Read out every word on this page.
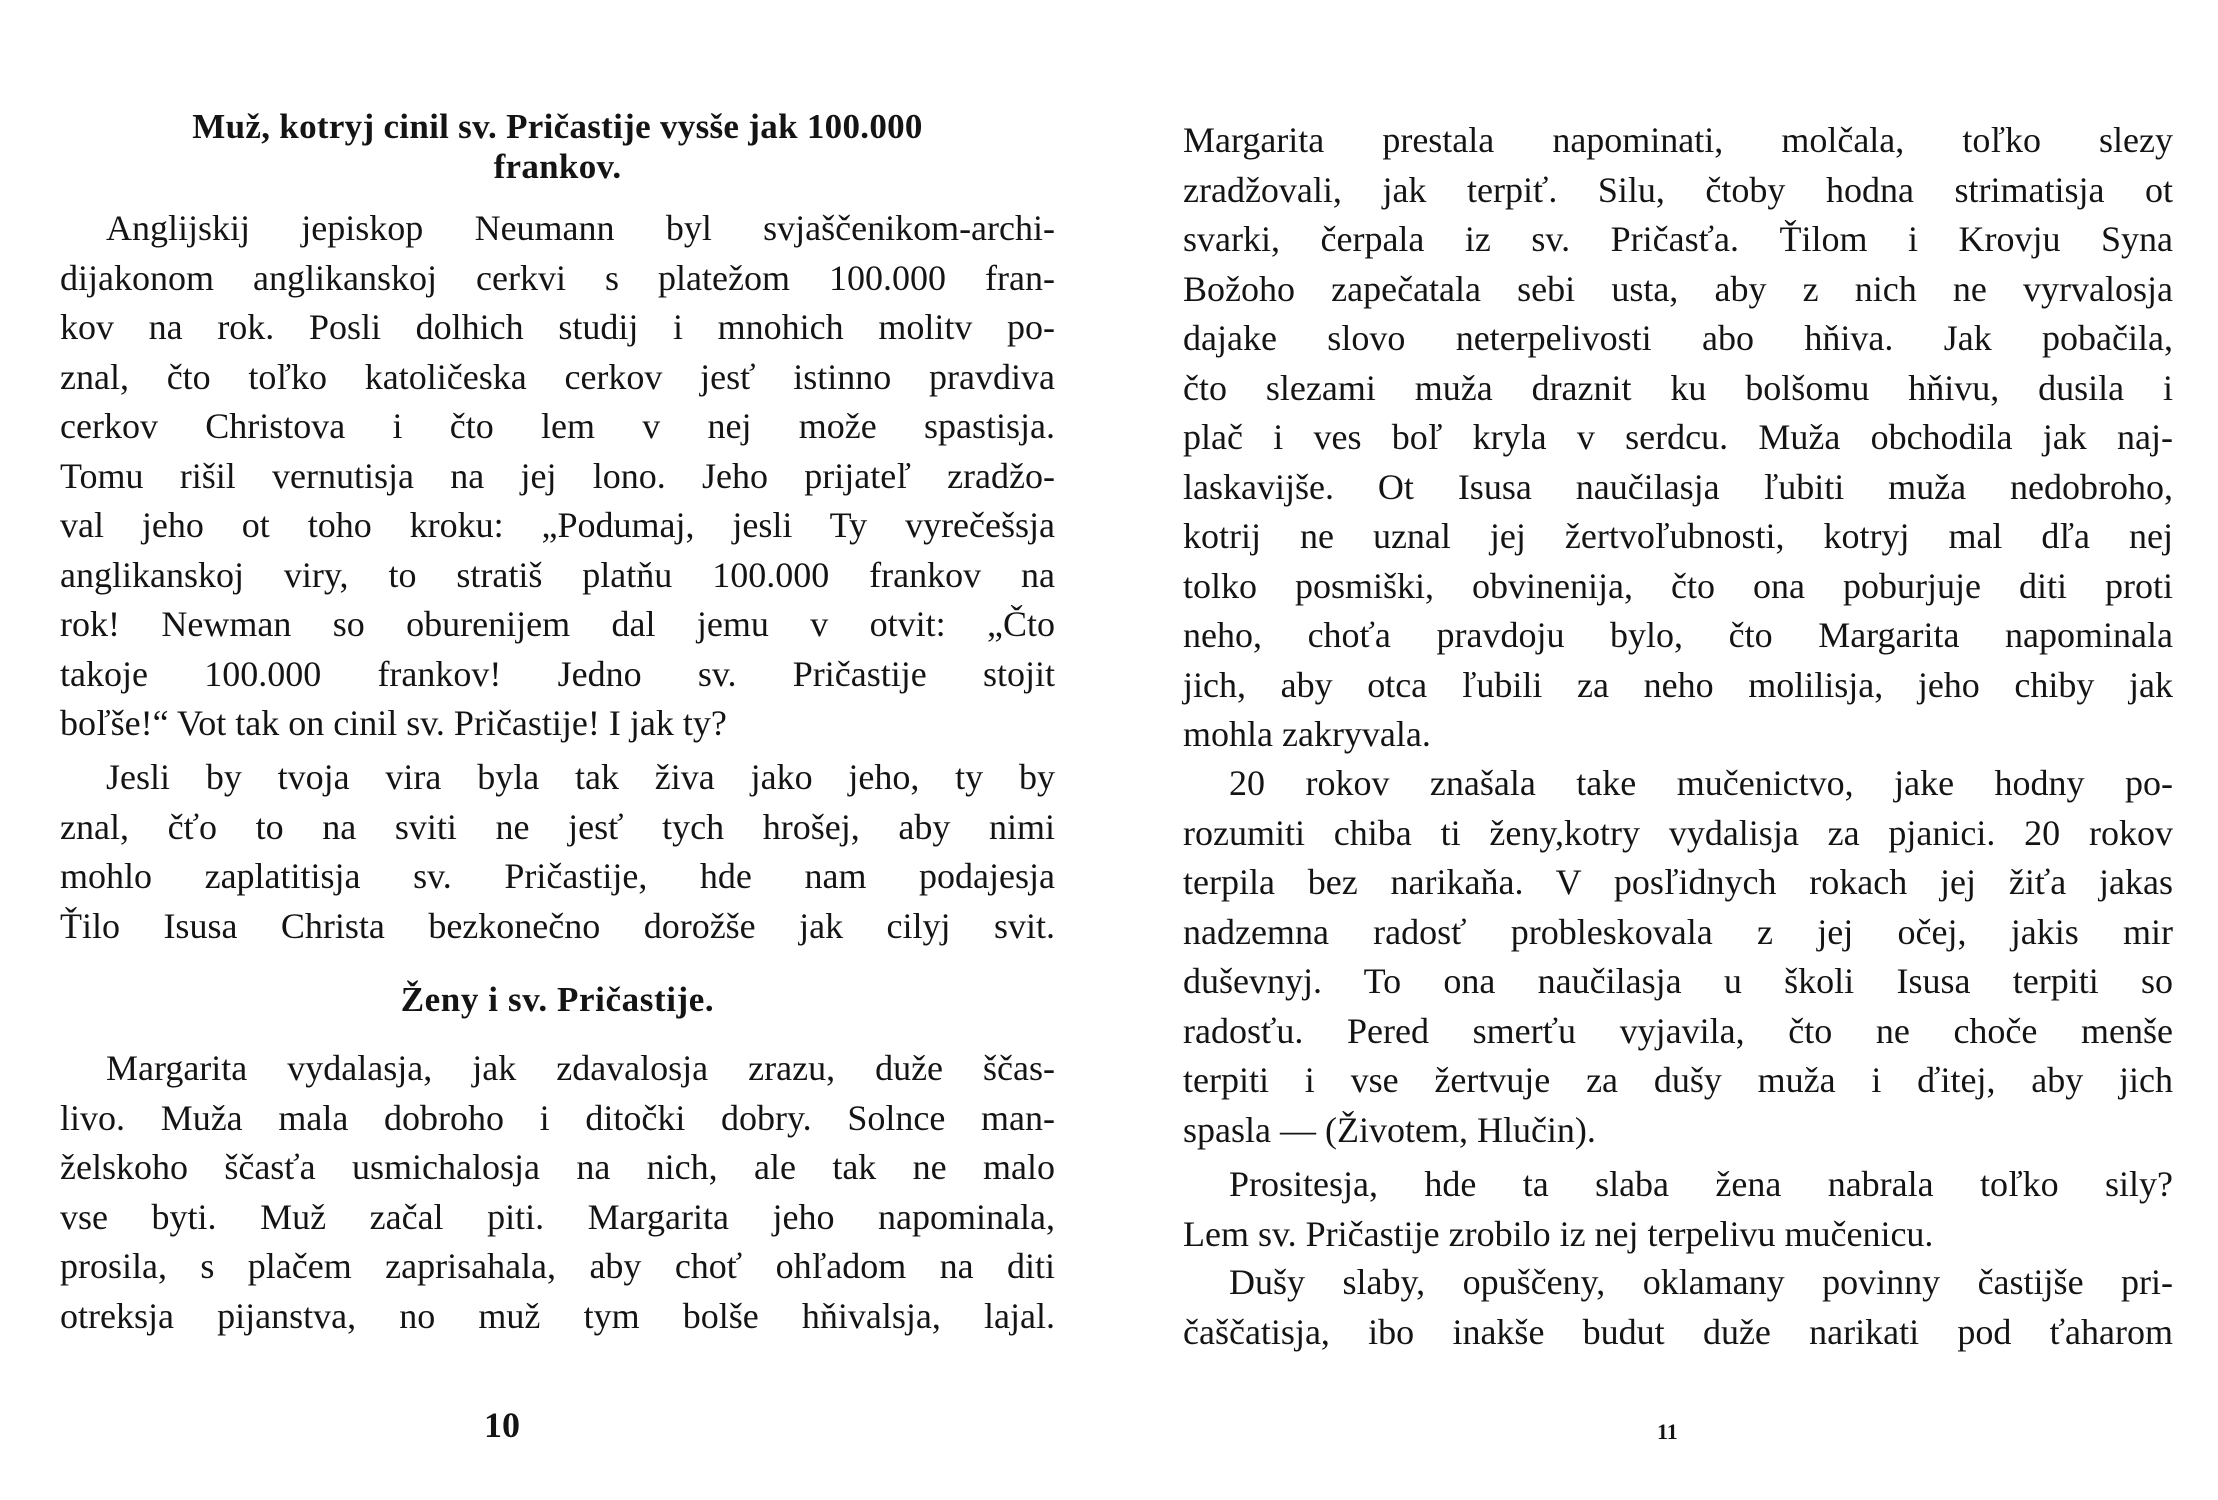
Muž, kotryj cinil sv. Pričastije vysše jak 100.000
frankov.
Anglijskij jepiskop Neumann byl svjaščenikom-archi-
dijakonom anglikanskoj cerkvi s platežom 100.000 fran-
kov na rok. Posli dolhich studij i mnohich molitv po-
znal, čto toľko katoličeska cerkov jesť istinno pravdiva
cerkov Christova i čto lem v nej može spastisja.
Tomu rišil vernutisja na jej lono. Jeho prijateľ zradžo-
val jeho ot toho kroku: „Podumaj, jesli Ty vyrečešsja
anglikanskoj viry, to stratiš platňu 100.000 frankov na
rok! Newman so oburenijem dal jemu v otvit: „Čto
takoje 100.000 frankov! Jedno sv. Pričastije stojit
boľše!“ Vot tak on cinil sv. Pričastije! I jak ty?
Jesli by tvoja vira byla tak živa jako jeho, ty by
znal, čťo to na sviti ne jesť tych hrošej, aby nimi
mohlo zaplatitisja sv. Pričastije, hde nam podajesja
Ťilo Isusa Christa bezkonečno dorožše jak cilyj svit.
Ženy i sv. Pričastije.
Margarita vydalasja, jak zdavalosja zrazu, duže ščas-
livo. Muža mala dobroho i ditočki dobry. Solnce man-
želskoho ščasťa usmichalosja na nich, ale tak ne malo
vse byti. Muž začal piti. Margarita jeho napominala,
prosila, s plačem zaprisahala, aby choť ohľadom na diti
otreksja pijanstva, no muž tym bolše hňivalsja, lajal.
10
Margarita prestala napominati, molčala, toľko slezy
zradžovali, jak terpiť. Silu, čtoby hodna strimatisja ot
svarki, čerpala iz sv. Pričasťa. Ťilom i Krovju Syna
Božoho zapečatala sebi usta, aby z nich ne vyrvalosja
dajake slovo neterpelivosti abo hňiva. Jak pobačila,
čto slezami muža draznit ku bolšomu hňivu, dusila i
plač i ves boľ kryla v serdcu. Muža obchodila jak naj-
laskavijše. Ot Isusa naučilasja ľubiti muža nedobroho,
kotrij ne uznal jej žertvoľubnosti, kotryj mal dľa nej
tolko posmiški, obvinenija, čto ona poburjuje diti proti
neho, choťa pravdoju bylo, čto Margarita napominala
jich, aby otca ľubili za neho molilisja, jeho chiby jak
mohla zakryvala.
20 rokov znašala take mučenictvo, jake hodny po-
rozumiti chiba ti ženy,kotry vydalisja za pjanici. 20 rokov
terpila bez narikaňa. V posľidnych rokach jej žiťa jakas
nadzemna radosť probleskovala z jej očej, jakis mir
duševnyj. To ona naučilasja u školi Isusa terpiti so
radosťu. Pered smerťu vyjavila, čto ne choče menše
terpiti i vse žertvuje za dušy muža i ďitej, aby jich
spasla — (Životem, Hlučin).
Prositesja, hde ta slaba žena nabrala toľko sily?
Lem sv. Pričastije zrobilo iz nej terpelivu mučenicu.
Dušy slaby, opuščeny, oklamany povinny častijše pri-
čaščatisja, ibo inakše budut duže narikati pod ťaharom
11
